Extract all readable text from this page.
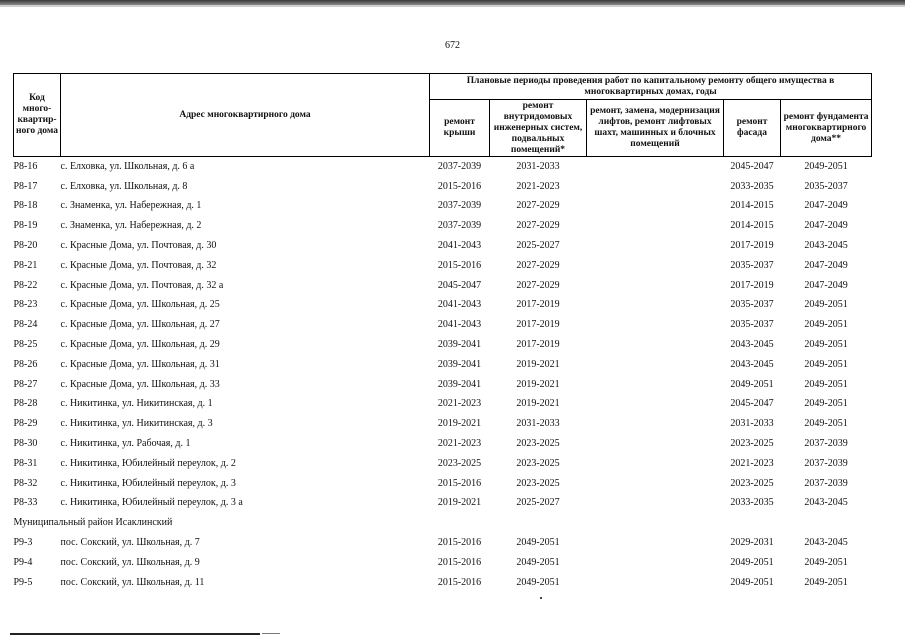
672
Код много-квартир-ного дома	Адрес многоквартирного дома	Плановые периоды проведения работ по капитальному ремонту общего имущества в многоквартирных домах, годы				
		ремонт крыши	ремонт внутридомовых инженерных систем, подвальных помещений*	ремонт, замена, модернизация лифтов, ремонт лифтовых шахт, машинных и блочных помещений	ремонт фасада	ремонт фундамента многоквартирного дома**
Р8-16	с. Елховка, ул. Школьная, д. 6 а	2037-2039	2031-2033		2045-2047	2049-2051
Р8-17	с. Елховка, ул. Школьная, д. 8	2015-2016	2021-2023		2033-2035	2035-2037
Р8-18	с. Знаменка, ул. Набережная, д. 1	2037-2039	2027-2029		2014-2015	2047-2049
Р8-19	с. Знаменка, ул. Набережная, д. 2	2037-2039	2027-2029		2014-2015	2047-2049
Р8-20	с. Красные Дома, ул. Почтовая, д. 30	2041-2043	2025-2027		2017-2019	2043-2045
Р8-21	с. Красные Дома, ул. Почтовая, д. 32	2015-2016	2027-2029		2035-2037	2047-2049
Р8-22	с. Красные Дома, ул. Почтовая, д. 32 а	2045-2047	2027-2029		2017-2019	2047-2049
Р8-23	с. Красные Дома, ул. Школьная, д. 25	2041-2043	2017-2019		2035-2037	2049-2051
Р8-24	с. Красные Дома, ул. Школьная, д. 27	2041-2043	2017-2019		2035-2037	2049-2051
Р8-25	с. Красные Дома, ул. Школьная, д. 29	2039-2041	2017-2019		2043-2045	2049-2051
Р8-26	с. Красные Дома, ул. Школьная, д. 31	2039-2041	2019-2021		2043-2045	2049-2051
Р8-27	с. Красные Дома, ул. Школьная, д. 33	2039-2041	2019-2021		2049-2051	2049-2051
Р8-28	с. Никитинка, ул. Никитинская, д. 1	2021-2023	2019-2021		2045-2047	2049-2051
Р8-29	с. Никитинка, ул. Никитинская, д. 3	2019-2021	2031-2033		2031-2033	2049-2051
Р8-30	с. Никитинка, ул. Рабочая, д. 1	2021-2023	2023-2025		2023-2025	2037-2039
Р8-31	с. Никитинка, Юбилейный переулок, д. 2	2023-2025	2023-2025		2021-2023	2037-2039
Р8-32	с. Никитинка, Юбилейный переулок, д. 3	2015-2016	2023-2025		2023-2025	2037-2039
Р8-33	с. Никитинка, Юбилейный переулок, д. 3 а	2019-2021	2025-2027		2033-2035	2043-2045
Муниципальный район Исаклинский						
Р9-3	пос. Сокский, ул. Школьная, д. 7	2015-2016	2049-2051		2029-2031	2043-2045
Р9-4	пос. Сокский, ул. Школьная, д. 9	2015-2016	2049-2051		2049-2051	2049-2051
Р9-5	пос. Сокский, ул. Школьная, д. 11	2015-2016	2049-2051		2049-2051	2049-2051
